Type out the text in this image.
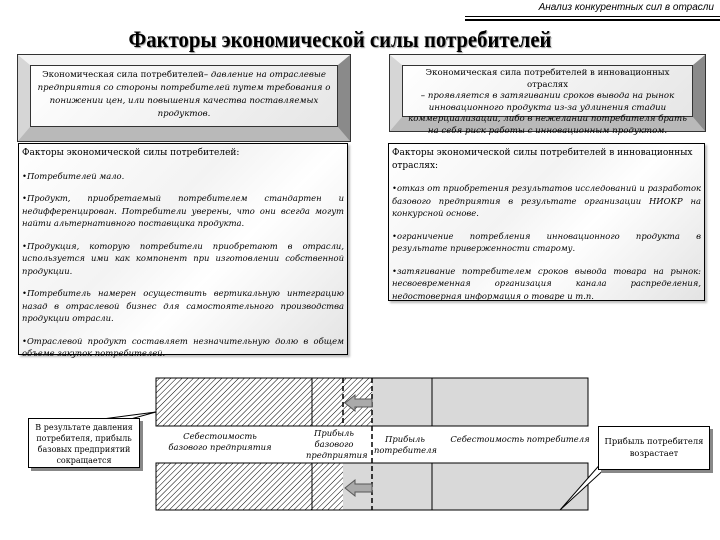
Анализ конкурентных сил в отрасли
Факторы экономической силы потребителей
Экономическая сила потребителей– давление на отраслевые предприятия со стороны потребителей путем требования о понижении цен, или повышения качества поставляемых продуктов.
Экономическая сила потребителей в инновационных отраслях
– проявляется в затягивании сроков вывода на рынок инновационного продукта из-за удлинения стадии коммерциализации, либо в нежелании потребителя брать на себя риск работы с инновационным продуктом.
Факторы экономической силы потребителей:

•Потребителей мало.

•Продукт, приобретаемый потребителем стандартен и недифференцирован. Потребители уверены, что они всегда могут найти альтернативного поставщика продукта.

•Продукция, которую потребители приобретают в отрасли, используется ими как компонент при изготовлении собственной продукции.

•Потребитель намерен осуществить вертикальную интеграцию назад в отраслевой бизнес для самостоятельного производства продукции отрасли.

•Отраслевой продукт составляет незначительную долю в общем объеме закупок потребителей.

Факторы экономической силы потребителей в инновационных отраслях:

•отказ от приобретения результатов исследований и разработок базового предприятия в результате организации НИОКР на конкурсной основе.

•ограничение потребления инновационного продукта в результате приверженности старому.

•затягивание потребителем сроков вывода товара на рынок: несвоевременная организация канала распределения, недостоверная информация о товаре и т.п.

Себестоимость базового предприятия
Прибыль базового предприятия
Прибыль потребителя
Себестоимость потребителя
В результате давления потребителя, прибыль базовых предприятий сокращается
Прибыль потребителя возрастает
